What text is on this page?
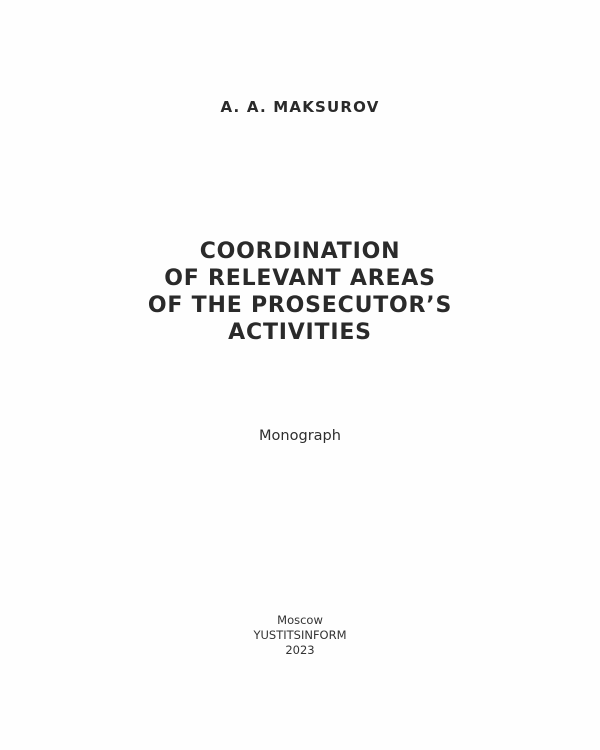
A. A. MAKSUROV
COORDINATION
OF RELEVANT AREAS
OF THE PROSECUTOR’S
ACTIVITIES
Monograph
Moscow
YUSTITSINFORM
2023
